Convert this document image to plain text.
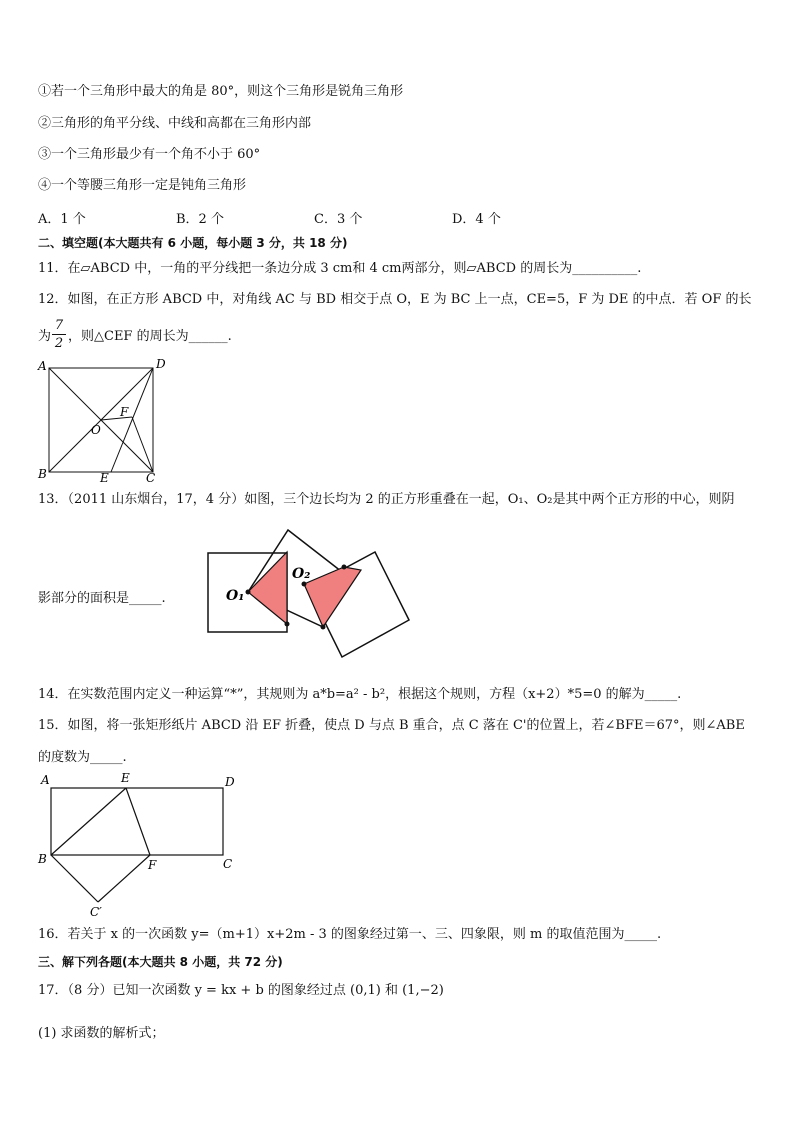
①若一个三角形中最大的角是 80°，则这个三角形是锐角三角形
②三角形的角平分线、中线和高都在三角形内部
③一个三角形最少有一个角不小于 60°
④一个等腰三角形一定是钝角三角形
A．1 个	B．2 个	C．3 个	D．4 个
二、填空题(本大题共有 6 小题，每小题 3 分，共 18 分)
11．在▱ABCD 中，一角的平分线把一条边分成 3 cm和 4 cm两部分，则▱ABCD 的周长为__________.
12．如图，在正方形 ABCD 中，对角线 AC 与 BD 相交于点 O，E 为 BC 上一点，CE=5，F 为 DE 的中点．若 OF 的长
为
7
2 ，则△CEF 的周长为______.
A	D
B	C
E
F
O
13．（2011 山东烟台，17，4 分）如图，三个边长均为 2 的正方形重叠在一起，O₁、O₂是其中两个正方形的中心，则阴
影部分的面积是_____.	O₁
O₂
14．在实数范围内定义一种运算“*”，其规则为 a*b=a² - b²，根据这个规则，方程（x+2）*5=0 的解为_____.
15．如图，将一张矩形纸片 ABCD 沿 EF 折叠，使点 D 与点 B 重合，点 C 落在 C'的位置上，若∠BFE＝67°，则∠ABE
的度数为_____.
A	E	D
B	F	C
C′
16．若关于 x 的一次函数 y=（m+1）x+2m - 3 的图象经过第一、三、四象限，则 m 的取值范围为_____.
三、解下列各题(本大题共 8 小题，共 72 分)
17．（8 分）已知一次函数 y = kx + b 的图象经过点 (0,1) 和 (1,−2)
(1) 求函数的解析式；
